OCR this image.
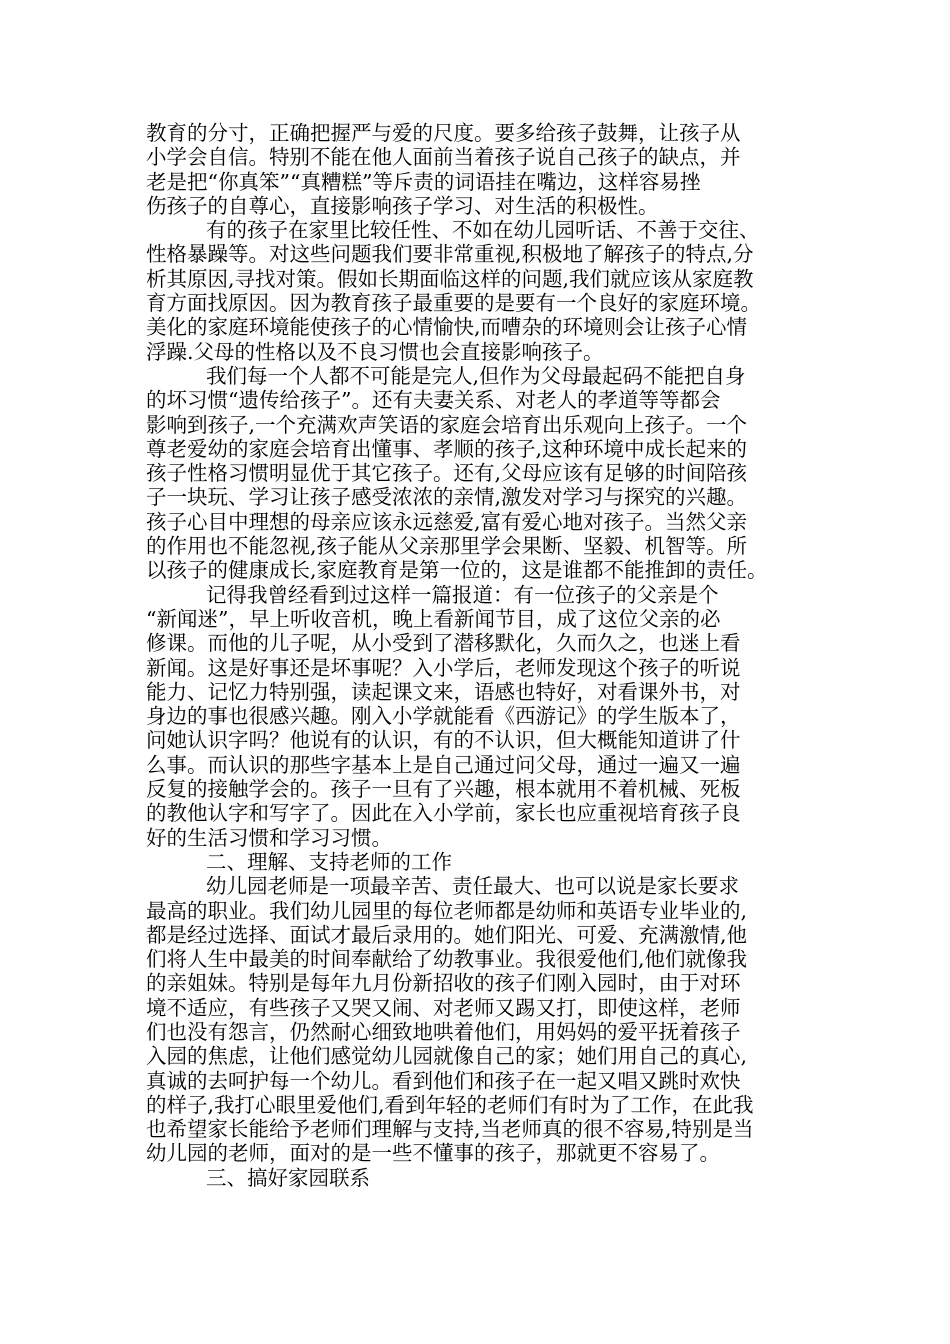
教育的分寸，正确把握严与爱的尺度。要多给孩子鼓舞，让孩子从
小学会自信。特别不能在他人面前当着孩子说自己孩子的缺点，并
老是把“你真笨”“真糟糕”等斥责的词语挂在嘴边，这样容易挫
伤孩子的自尊心，直接影响孩子学习、对生活的积极性。
有的孩子在家里比较任性、不如在幼儿园听话、不善于交往、
性格暴躁等。对这些问题我们要非常重视,积极地了解孩子的特点,分
析其原因,寻找对策。假如长期面临这样的问题,我们就应该从家庭教
育方面找原因。因为教育孩子最重要的是要有一个良好的家庭环境。
美化的家庭环境能使孩子的心情愉快,而嘈杂的环境则会让孩子心情
浮躁.父母的性格以及不良习惯也会直接影响孩子。
我们每一个人都不可能是完人,但作为父母最起码不能把自身
的坏习惯“遗传给孩子”。还有夫妻关系、对老人的孝道等等都会
影响到孩子,一个充满欢声笑语的家庭会培育出乐观向上孩子。一个
尊老爱幼的家庭会培育出懂事、孝顺的孩子,这种环境中成长起来的
孩子性格习惯明显优于其它孩子。还有,父母应该有足够的时间陪孩
子一块玩、学习让孩子感受浓浓的亲情,激发对学习与探究的兴趣。
孩子心目中理想的母亲应该永远慈爱,富有爱心地对孩子。当然父亲
的作用也不能忽视,孩子能从父亲那里学会果断、坚毅、机智等。所
以孩子的健康成长,家庭教育是第一位的，这是谁都不能推卸的责任。
记得我曾经看到过这样一篇报道：有一位孩子的父亲是个
“新闻迷”，早上听收音机，晚上看新闻节目，成了这位父亲的必
修课。而他的儿子呢，从小受到了潜移默化，久而久之，也迷上看
新闻。这是好事还是坏事呢？入小学后，老师发现这个孩子的听说
能力、记忆力特别强，读起课文来，语感也特好，对看课外书，对
身边的事也很感兴趣。刚入小学就能看《西游记》的学生版本了，
问她认识字吗？他说有的认识，有的不认识，但大概能知道讲了什
么事。而认识的那些字基本上是自己通过问父母，通过一遍又一遍
反复的接触学会的。孩子一旦有了兴趣，根本就用不着机械、死板
的教他认字和写字了。因此在入小学前，家长也应重视培育孩子良
好的生活习惯和学习习惯。
二、理解、支持老师的工作
幼儿园老师是一项最辛苦、责任最大、也可以说是家长要求
最高的职业。我们幼儿园里的每位老师都是幼师和英语专业毕业的,
都是经过选择、面试才最后录用的。她们阳光、可爱、充满激情,他
们将人生中最美的时间奉献给了幼教事业。我很爱他们,他们就像我
的亲姐妹。特别是每年九月份新招收的孩子们刚入园时，由于对环
境不适应，有些孩子又哭又闹、对老师又踢又打，即使这样，老师
们也没有怨言，仍然耐心细致地哄着他们，用妈妈的爱平抚着孩子
入园的焦虑，让他们感觉幼儿园就像自己的家；她们用自己的真心,
真诚的去呵护每一个幼儿。看到他们和孩子在一起又唱又跳时欢快
的样子,我打心眼里爱他们,看到年轻的老师们有时为了工作，在此我
也希望家长能给予老师们理解与支持,当老师真的很不容易,特别是当
幼儿园的老师，面对的是一些不懂事的孩子，那就更不容易了。
三、搞好家园联系
